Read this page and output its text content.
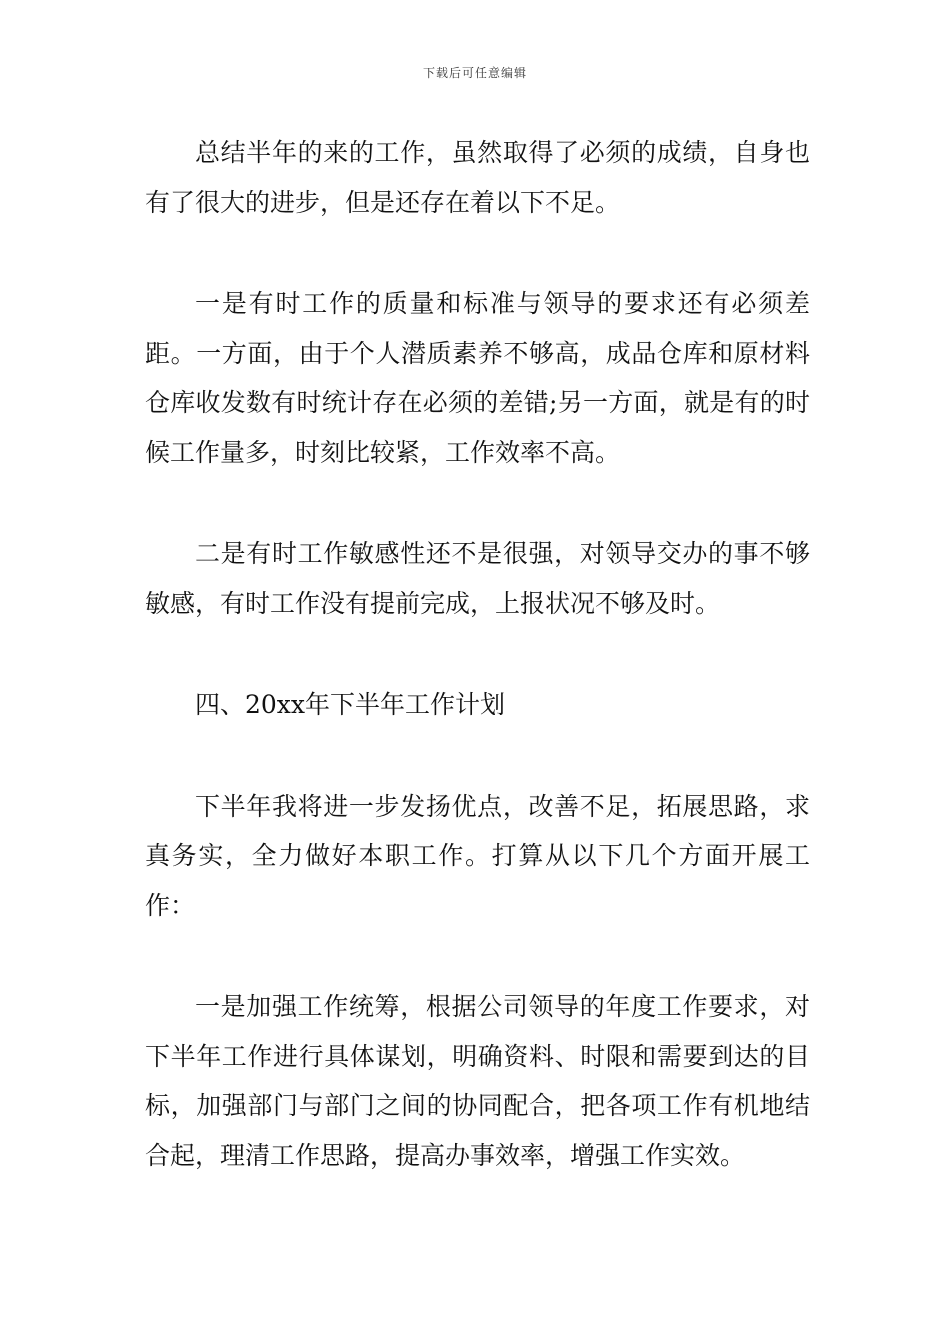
下载后可任意编辑

总结半年的来的工作，虽然取得了必须的成绩，自身也有了很大的进步，但是还存在着以下不足。

一是有时工作的质量和标准与领导的要求还有必须差距。一方面，由于个人潜质素养不够高，成品仓库和原材料仓库收发数有时统计存在必须的差错;另一方面，就是有的时候工作量多，时刻比较紧，工作效率不高。

二是有时工作敏感性还不是很强，对领导交办的事不够敏感，有时工作没有提前完成，上报状况不够及时。

四、20xx年下半年工作计划

下半年我将进一步发扬优点，改善不足，拓展思路，求真务实，全力做好本职工作。打算从以下几个方面开展工作：

一是加强工作统筹，根据公司领导的年度工作要求，对下半年工作进行具体谋划，明确资料、时限和需要到达的目标，加强部门与部门之间的协同配合，把各项工作有机地结合起，理清工作思路，提高办事效率，增强工作实效。
